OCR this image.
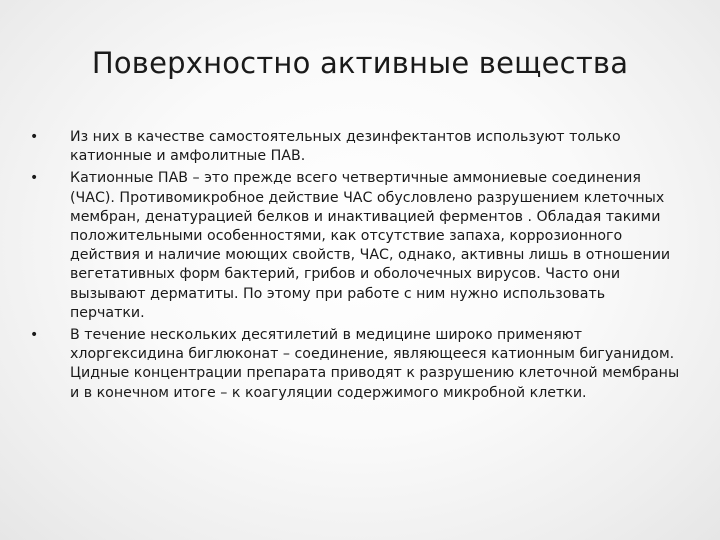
Поверхностно активные вещества
• Из них в качестве самостоятельных дезинфектантов используют только катионные и амфолитные ПАВ.
• Катионные ПАВ – это прежде всего четвертичные аммониевые соединения (ЧАС). Противомикробное действие ЧАС обусловлено разрушением клеточных мембран, денатурацией белков и инактивацией ферментов . Обладая такими положительными особенностями, как отсутствие запаха, коррозионного действия и наличие моющих свойств, ЧАС, однако, активны лишь в отношении вегетативных форм бактерий, грибов и оболочечных вирусов. Часто они вызывают дерматиты. По этому при работе с ним нужно использовать перчатки.
• В течение нескольких десятилетий в медицине широко применяют хлоргексидина биглюконат – соединение, являющееся катионным бигуанидом. Цидные концентрации препарата приводят к разрушению клеточной мембраны и в конечном итоге – к коагуляции содержимого микробной клетки.
